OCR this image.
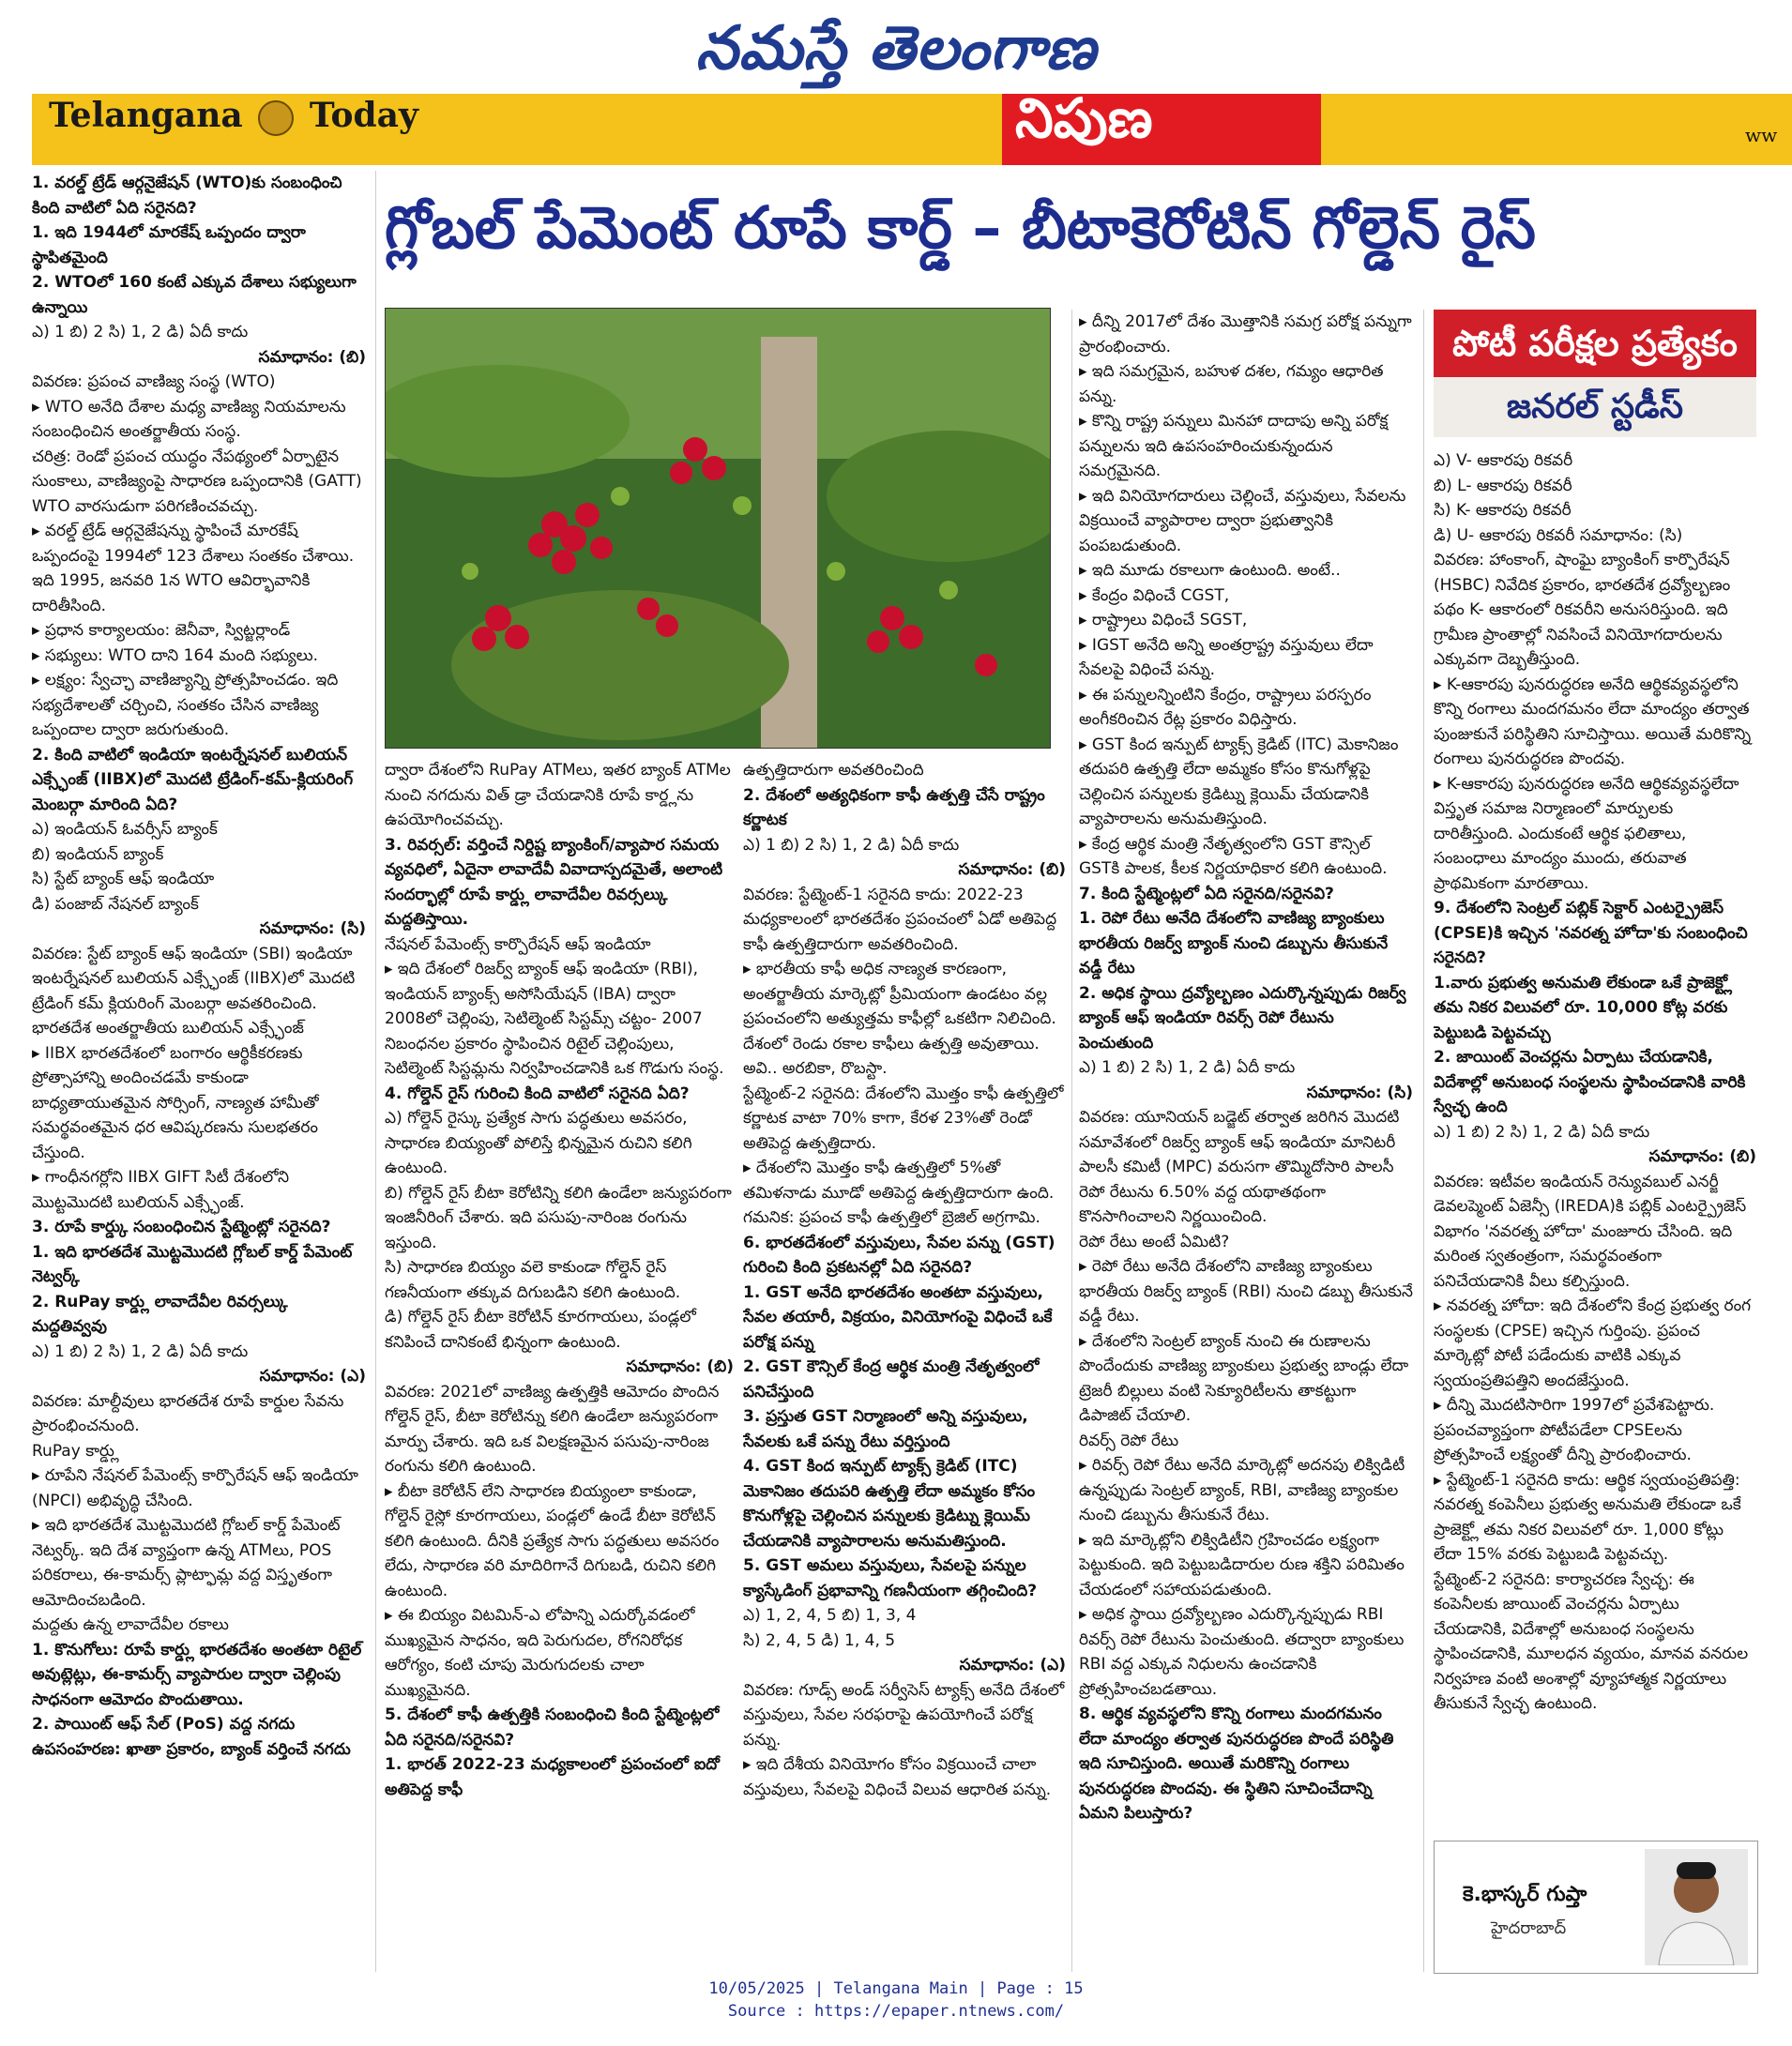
నమస్తే తెలంగాణ
Telangana Today	నిపుణ	ww
గ్లోబల్ పేమెంట్ రూపే కార్డ్ – బీటాకెరోటిన్ గోల్డెన్ రైస్
పోటీ పరీక్షల ప్రత్యేకం
జనరల్ స్టడీస్

1. వరల్డ్ ట్రేడ్ ఆర్గనైజేషన్ (WTO)కు సంబంధించి కింది వాటిలో ఏది సరైనది?

1. ఇది 1944లో మారకేష్ ఒప్పందం ద్వారా స్థాపితమైంది

2. WTOలో 160 కంటే ఎక్కువ దేశాలు సభ్యులుగా ఉన్నాయి

ఎ) 1 బి) 2 సి) 1, 2 డి) ఏదీ కాదు

సమాధానం: (బి)

వివరణ: ప్రపంచ వాణిజ్య సంస్థ (WTO)

▸ WTO అనేది దేశాల మధ్య వాణిజ్య నియమాలను సంబంధించిన అంతర్జాతీయ సంస్థ.

చరిత్ర: రెండో ప్రపంచ యుద్ధం నేపథ్యంలో ఏర్పాటైన సుంకాలు, వాణిజ్యంపై సాధారణ ఒప్పందానికి (GATT) WTO వారసుడుగా పరిగణించవచ్చు.

▸ వరల్డ్ ట్రేడ్ ఆర్గనైజేషన్ను స్థాపించే మారకేష్ ఒప్పందంపై 1994లో 123 దేశాలు సంతకం చేశాయి. ఇది 1995, జనవరి 1న WTO ఆవిర్భావానికి దారితీసింది.

▸ ప్రధాన కార్యాలయం: జెనీవా, స్విట్జర్లాండ్

▸ సభ్యులు: WTO దాని 164 మంది సభ్యులు.

▸ లక్ష్యం: స్వేచ్ఛా వాణిజ్యాన్ని ప్రోత్సహించడం. ఇది సభ్యదేశాలతో చర్చించి, సంతకం చేసిన వాణిజ్య ఒప్పందాల ద్వారా జరుగుతుంది.

2. కింది వాటిలో ఇండియా ఇంటర్నేషనల్ బులియన్ ఎక్స్ఛేంజ్ (IIBX)లో మొదటి ట్రేడింగ్-కమ్-క్లియరింగ్ మెంబర్గా మారింది ఏది?

ఎ) ఇండియన్ ఓవర్సీస్ బ్యాంక్

బి) ఇండియన్ బ్యాంక్

సి) స్టేట్ బ్యాంక్ ఆఫ్ ఇండియా

డి) పంజాబ్ నేషనల్ బ్యాంక్

సమాధానం: (సి)

వివరణ: స్టేట్ బ్యాంక్ ఆఫ్ ఇండియా (SBI) ఇండియా ఇంటర్నేషనల్ బులియన్ ఎక్స్ఛేంజ్ (IIBX)లో మొదటి ట్రేడింగ్ కమ్ క్లియరింగ్ మెంబర్గా అవతరించింది.

భారతదేశ అంతర్జాతీయ బులియన్ ఎక్స్ఛేంజ్

▸ IIBX భారతదేశంలో బంగారం ఆర్థికీకరణకు ప్రోత్సాహాన్ని అందించడమే కాకుండా బాధ్యతాయుతమైన సోర్సింగ్, నాణ్యత హామీతో సమర్థవంతమైన ధర ఆవిష్కరణను సులభతరం చేస్తుంది.

▸ గాంధీనగర్లోని IIBX GIFT సిటీ దేశంలోని మొట్టమొదటి బులియన్ ఎక్స్ఛేంజ్.

3. రూపే కార్డ్కు సంబంధించిన స్టేట్మెంట్లో సరైనది?

1. ఇది భారతదేశ మొట్టమొదటి గ్లోబల్ కార్డ్ పేమెంట్ నెట్వర్క్

2. RuPay కార్డ్లు లావాదేవీల రివర్సల్కు మద్దతివ్వవు

ఎ) 1 బి) 2 సి) 1, 2 డి) ఏదీ కాదు

సమాధానం: (ఎ)

వివరణ: మాల్దీవులు భారతదేశ రూపే కార్డుల సేవను ప్రారంభించనుంది.

RuPay కార్డ్లు

▸ రూపేని నేషనల్ పేమెంట్స్ కార్పొరేషన్ ఆఫ్ ఇండియా (NPCI) అభివృద్ధి చేసింది.

▸ ఇది భారతదేశ మొట్టమొదటి గ్లోబల్ కార్డ్ పేమెంట్ నెట్వర్క్. ఇది దేశ వ్యాప్తంగా ఉన్న ATMలు, POS పరికరాలు, ఈ-కామర్స్ ప్లాట్ఫామ్ల వద్ద విస్తృతంగా ఆమోదించబడింది.

మద్దతు ఉన్న లావాదేవీల రకాలు

1. కొనుగోలు: రూపే కార్డ్లు భారతదేశం అంతటా రిటైల్ అవుట్లెట్లు, ఈ-కామర్స్ వ్యాపారుల ద్వారా చెల్లింపు సాధనంగా ఆమోదం పొందుతాయి.

2. పాయింట్ ఆఫ్ సేల్ (PoS) వద్ద నగదు ఉపసంహరణ: ఖాతా ప్రకారం, బ్యాంక్ వర్తించే నగదు

ద్వారా దేశంలోని RuPay ATMలు, ఇతర బ్యాంక్ ATMల నుంచి నగదును విత్ డ్రా చేయడానికి రూపే కార్డ్లను ఉపయోగించవచ్చు.

3. రివర్సల్: వర్తించే నిర్దిష్ట బ్యాంకింగ్/వ్యాపార సమయ వ్యవధిలో, ఏదైనా లావాదేవీ వివాదాస్పదమైతే, అలాంటి సందర్భాల్లో రూపే కార్డ్లు లావాదేవీల రివర్సల్కు మద్దతిస్తాయి.

నేషనల్ పేమెంట్స్ కార్పొరేషన్ ఆఫ్ ఇండియా

▸ ఇది దేశంలో రిజర్వ్ బ్యాంక్ ఆఫ్ ఇండియా (RBI), ఇండియన్ బ్యాంక్స్ అసోసియేషన్ (IBA) ద్వారా 2008లో చెల్లింపు, సెటిల్మెంట్ సిస్టమ్స్ చట్టం- 2007 నిబంధనల ప్రకారం స్థాపించిన రిటైల్ చెల్లింపులు, సెటిల్మెంట్ సిస్టమ్లను నిర్వహించడానికి ఒక గొడుగు సంస్థ.

4. గోల్డెన్ రైస్ గురించి కింది వాటిలో సరైనది ఏది?

ఎ) గోల్డెన్ రైస్కు ప్రత్యేక సాగు పద్ధతులు అవసరం, సాధారణ బియ్యంతో పోలిస్తే భిన్నమైన రుచిని కలిగి ఉంటుంది.

బి) గోల్డెన్ రైస్ బీటా కెరోటిన్ని కలిగి ఉండేలా జన్యుపరంగా ఇంజినీరింగ్ చేశారు. ఇది పసుపు-నారింజ రంగును ఇస్తుంది.

సి) సాధారణ బియ్యం వలె కాకుండా గోల్డెన్ రైస్ గణనీయంగా తక్కువ దిగుబడిని కలిగి ఉంటుంది.

డి) గోల్డెన్ రైస్ బీటా కెరోటిన్ కూరగాయలు, పండ్లలో కనిపించే దానికంటే భిన్నంగా ఉంటుంది.

సమాధానం: (బి)

వివరణ: 2021లో వాణిజ్య ఉత్పత్తికి ఆమోదం పొందిన గోల్డెన్ రైస్, బీటా కెరోటిన్ను కలిగి ఉండేలా జన్యుపరంగా మార్పు చేశారు. ఇది ఒక విలక్షణమైన పసుపు-నారింజ రంగును కలిగి ఉంటుంది.

▸ బీటా కెరోటిన్ లేని సాధారణ బియ్యంలా కాకుండా, గోల్డెన్ రైస్లో కూరగాయలు, పండ్లలో ఉండే బీటా కెరోటిన్ కలిగి ఉంటుంది. దీనికి ప్రత్యేక సాగు పద్ధతులు అవసరం లేదు, సాధారణ వరి మాదిరిగానే దిగుబడి, రుచిని కలిగి ఉంటుంది.

▸ ఈ బియ్యం విటమిన్-ఎ లోపాన్ని ఎదుర్కోవడంలో ముఖ్యమైన సాధనం, ఇది పెరుగుదల, రోగనిరోధక ఆరోగ్యం, కంటి చూపు మెరుగుదలకు చాలా ముఖ్యమైనది.

5. దేశంలో కాఫీ ఉత్పత్తికి సంబంధించి కింది స్టేట్మెంట్లలో ఏది సరైనది/సరైనవి?

1. భారత్ 2022-23 మధ్యకాలంలో ప్రపంచంలో ఐదో అతిపెద్ద కాఫీ

ఉత్పత్తిదారుగా అవతరించింది

2. దేశంలో అత్యధికంగా కాఫీ ఉత్పత్తి చేసే రాష్ట్రం కర్ణాటక

ఎ) 1 బి) 2 సి) 1, 2 డి) ఏదీ కాదు

సమాధానం: (బి)

వివరణ: స్టేట్మెంట్-1 సరైనది కాదు: 2022-23 మధ్యకాలంలో భారతదేశం ప్రపంచంలో ఏడో అతిపెద్ద కాఫీ ఉత్పత్తిదారుగా అవతరించింది.

▸ భారతీయ కాఫీ అధిక నాణ్యత కారణంగా, అంతర్జాతీయ మార్కెట్లో ప్రీమియంగా ఉండటం వల్ల ప్రపంచంలోని అత్యుత్తమ కాఫీల్లో ఒకటిగా నిలిచింది. దేశంలో రెండు రకాల కాఫీలు ఉత్పత్తి అవుతాయి. అవి.. అరబికా, రొబస్టా.

స్టేట్మెంట్-2 సరైనది: దేశంలోని మొత్తం కాఫీ ఉత్పత్తిలో కర్ణాటక వాటా 70% కాగా, కేరళ 23%తో రెండో అతిపెద్ద ఉత్పత్తిదారు.

▸ దేశంలోని మొత్తం కాఫీ ఉత్పత్తిలో 5%తో తమిళనాడు మూడో అతిపెద్ద ఉత్పత్తిదారుగా ఉంది.

గమనిక: ప్రపంచ కాఫీ ఉత్పత్తిలో బ్రెజిల్ అగ్రగామి.

6. భారతదేశంలో వస్తువులు, సేవల పన్ను (GST) గురించి కింది ప్రకటనల్లో ఏది సరైనది?

1. GST అనేది భారతదేశం అంతటా వస్తువులు, సేవల తయారీ, విక్రయం, వినియోగంపై విధించే ఒకే పరోక్ష పన్ను

2. GST కౌన్సిల్ కేంద్ర ఆర్థిక మంత్రి నేతృత్వంలో పనిచేస్తుంది

3. ప్రస్తుత GST నిర్మాణంలో అన్ని వస్తువులు, సేవలకు ఒకే పన్ను రేటు వర్తిస్తుంది

4. GST కింద ఇన్పుట్ ట్యాక్స్ క్రెడిట్ (ITC) మెకానిజం తదుపరి ఉత్పత్తి లేదా అమ్మకం కోసం కొనుగోళ్లపై చెల్లించిన పన్నులకు క్రెడిట్ను క్లెయిమ్ చేయడానికి వ్యాపారాలను అనుమతిస్తుంది.

5. GST అమలు వస్తువులు, సేవలపై పన్నుల క్యాస్కేడింగ్ ప్రభావాన్ని గణనీయంగా తగ్గించింది?

ఎ) 1, 2, 4, 5 బి) 1, 3, 4

సి) 2, 4, 5 డి) 1, 4, 5

సమాధానం: (ఎ)

వివరణ: గూడ్స్ అండ్ సర్వీసెస్ ట్యాక్స్ అనేది దేశంలో వస్తువులు, సేవల సరఫరాపై ఉపయోగించే పరోక్ష పన్ను.

▸ ఇది దేశీయ వినియోగం కోసం విక్రయించే చాలా వస్తువులు, సేవలపై విధించే విలువ ఆధారిత పన్ను.

▸ దీన్ని 2017లో దేశం మొత్తానికి సమగ్ర పరోక్ష పన్నుగా ప్రారంభించారు.

▸ ఇది సమగ్రమైన, బహుళ దశల, గమ్యం ఆధారిత పన్ను.

▸ కొన్ని రాష్ట్ర పన్నులు మినహా దాదాపు అన్ని పరోక్ష పన్నులను ఇది ఉపసంహరించుకున్నందున సమగ్రమైనది.

▸ ఇది వినియోగదారులు చెల్లించే, వస్తువులు, సేవలను విక్రయించే వ్యాపారాల ద్వారా ప్రభుత్వానికి పంపబడుతుంది.

▸ ఇది మూడు రకాలుగా ఉంటుంది. అంటే..

▸ కేంద్రం విధించే CGST,

▸ రాష్ట్రాలు విధించే SGST,

▸ IGST అనేది అన్ని అంతర్రాష్ట్ర వస్తువులు లేదా సేవలపై విధించే పన్ను.

▸ ఈ పన్నులన్నింటిని కేంద్రం, రాష్ట్రాలు పరస్పరం అంగీకరించిన రేట్ల ప్రకారం విధిస్తారు.

▸ GST కింద ఇన్పుట్ ట్యాక్స్ క్రెడిట్ (ITC) మెకానిజం తదుపరి ఉత్పత్తి లేదా అమ్మకం కోసం కొనుగోళ్లపై చెల్లించిన పన్నులకు క్రెడిట్ను క్లెయిమ్ చేయడానికి వ్యాపారాలను అనుమతిస్తుంది.

▸ కేంద్ర ఆర్థిక మంత్రి నేతృత్వంలోని GST కౌన్సిల్ GSTకి పాలక, కీలక నిర్ణయాధికార కలిగి ఉంటుంది.

7. కింది స్టేట్మెంట్లలో ఏది సరైనది/సరైనవి?

1. రెపో రేటు అనేది దేశంలోని వాణిజ్య బ్యాంకులు భారతీయ రిజర్వ్ బ్యాంక్ నుంచి డబ్బును తీసుకునే వడ్డీ రేటు

2. అధిక స్థాయి ద్రవ్యోల్బణం ఎదుర్కొన్నప్పుడు రిజర్వ్ బ్యాంక్ ఆఫ్ ఇండియా రివర్స్ రెపో రేటును పెంచుతుంది

ఎ) 1 బి) 2 సి) 1, 2 డి) ఏదీ కాదు

సమాధానం: (సి)

వివరణ: యూనియన్ బడ్జెట్ తర్వాత జరిగిన మొదటి సమావేశంలో రిజర్వ్ బ్యాంక్ ఆఫ్ ఇండియా మానిటరీ పాలసీ కమిటీ (MPC) వరుసగా తొమ్మిదోసారి పాలసీ రెపో రేటును 6.50% వద్ద యథాతథంగా కొనసాగించాలని నిర్ణయించింది.

రెపో రేటు అంటే ఏమిటి?

▸ రెపో రేటు అనేది దేశంలోని వాణిజ్య బ్యాంకులు భారతీయ రిజర్వ్ బ్యాంక్ (RBI) నుంచి డబ్బు తీసుకునే వడ్డీ రేటు.

▸ దేశంలోని సెంట్రల్ బ్యాంక్ నుంచి ఈ రుణాలను పొందేందుకు వాణిజ్య బ్యాంకులు ప్రభుత్వ బాండ్లు లేదా ట్రెజరీ బిల్లులు వంటి సెక్యూరిటీలను తాకట్టుగా డిపాజిట్ చేయాలి.

రివర్స్ రెపో రేటు

▸ రివర్స్ రెపో రేటు అనేది మార్కెట్లో అదనపు లిక్విడిటీ ఉన్నప్పుడు సెంట్రల్ బ్యాంక్, RBI, వాణిజ్య బ్యాంకుల నుంచి డబ్బును తీసుకునే రేటు.

▸ ఇది మార్కెట్లోని లిక్విడిటీని గ్రహించడం లక్ష్యంగా పెట్టుకుంది. ఇది పెట్టుబడిదారుల రుణ శక్తిని పరిమితం చేయడంలో సహాయపడుతుంది.

▸ అధిక స్థాయి ద్రవ్యోల్బణం ఎదుర్కొన్నప్పుడు RBI రివర్స్ రెపో రేటును పెంచుతుంది. తద్వారా బ్యాంకులు RBI వద్ద ఎక్కువ నిధులను ఉంచడానికి ప్రోత్సహించబడతాయి.

8. ఆర్థిక వ్యవస్థలోని కొన్ని రంగాలు మందగమనం లేదా మాంద్యం తర్వాత పునరుద్ధరణ పొందే పరిస్థితి ఇది సూచిస్తుంది. అయితే మరికొన్ని రంగాలు పునరుద్ధరణ పొందవు. ఈ స్థితిని సూచించేదాన్ని ఏమని పిలుస్తారు?

ఎ) V- ఆకారపు రికవరీ

బి) L- ఆకారపు రికవరీ

సి) K- ఆకారపు రికవరీ

డి) U- ఆకారపు రికవరీ సమాధానం: (సి)

వివరణ: హాంకాంగ్, షాంఘై బ్యాంకింగ్ కార్పొరేషన్ (HSBC) నివేదిక ప్రకారం, భారతదేశ ద్రవ్యోల్బణం పథం K- ఆకారంలో రికవరీని అనుసరిస్తుంది. ఇది గ్రామీణ ప్రాంతాల్లో నివసించే వినియోగదారులను ఎక్కువగా దెబ్బతీస్తుంది.

▸ K-ఆకారపు పునరుద్ధరణ అనేది ఆర్థికవ్యవస్థలోని కొన్ని రంగాలు మందగమనం లేదా మాంద్యం తర్వాత పుంజుకునే పరిస్థితిని సూచిస్తాయి. అయితే మరికొన్ని రంగాలు పునరుద్ధరణ పొందవు.

▸ K-ఆకారపు పునరుద్ధరణ అనేది ఆర్థికవ్యవస్థలేదా విస్తృత సమాజ నిర్మాణంలో మార్పులకు దారితీస్తుంది. ఎందుకంటే ఆర్థిక ఫలితాలు, సంబంధాలు మాంద్యం ముందు, తరువాత ప్రాథమికంగా మారతాయి.

9. దేశంలోని సెంట్రల్ పబ్లిక్ సెక్టార్ ఎంటర్ప్రైజెస్ (CPSE)కి ఇచ్చిన 'నవరత్న హోదా'కు సంబంధించి సరైనది?

1.వారు ప్రభుత్వ అనుమతి లేకుండా ఒకే ప్రాజెక్ట్లో తమ నికర విలువలో రూ. 10,000 కోట్ల వరకు పెట్టుబడి పెట్టవచ్చు

2. జాయింట్ వెంచర్లను ఏర్పాటు చేయడానికి, విదేశాల్లో అనుబంధ సంస్థలను స్థాపించడానికి వారికి స్వేచ్ఛ ఉంది

ఎ) 1 బి) 2 సి) 1, 2 డి) ఏదీ కాదు

సమాధానం: (బి)

వివరణ: ఇటీవల ఇండియన్ రెన్యువబుల్ ఎనర్జీ డెవలప్మెంట్ ఏజెన్సీ (IREDA)కి పబ్లిక్ ఎంటర్ప్రైజెస్ విభాగం 'నవరత్న హోదా' మంజూరు చేసింది. ఇది మరింత స్వతంత్రంగా, సమర్థవంతంగా పనిచేయడానికి వీలు కల్పిస్తుంది.

▸ నవరత్న హోదా: ఇది దేశంలోని కేంద్ర ప్రభుత్వ రంగ సంస్థలకు (CPSE) ఇచ్చిన గుర్తింపు. ప్రపంచ మార్కెట్లో పోటీ పడేందుకు వాటికి ఎక్కువ స్వయంప్రతిపత్తిని అందజేస్తుంది.

▸ దీన్ని మొదటిసారిగా 1997లో ప్రవేశపెట్టారు. ప్రపంచవ్యాప్తంగా పోటీపడేలా CPSEలను ప్రోత్సహించే లక్ష్యంతో దీన్ని ప్రారంభించారు.

▸ స్టేట్మెంట్-1 సరైనది కాదు: ఆర్థిక స్వయంప్రతిపత్తి: నవరత్న కంపెనీలు ప్రభుత్వ అనుమతి లేకుండా ఒకే ప్రాజెక్ట్లో తమ నికర విలువలో రూ. 1,000 కోట్లు లేదా 15% వరకు పెట్టుబడి పెట్టవచ్చు.

స్టేట్మెంట్-2 సరైనది: కార్యాచరణ స్వేచ్ఛ: ఈ కంపెనీలకు జాయింట్ వెంచర్లను ఏర్పాటు చేయడానికి, విదేశాల్లో అనుబంధ సంస్థలను స్థాపించడానికి, మూలధన వ్యయం, మానవ వనరుల నిర్వహణ వంటి అంశాల్లో వ్యూహాత్మక నిర్ణయాలు తీసుకునే స్వేచ్ఛ ఉంటుంది.

కె.భాస్కర్ గుప్తా
హైదరాబాద్
10/05/2025 | Telangana Main | Page : 15
Source : https://epaper.ntnews.com/
